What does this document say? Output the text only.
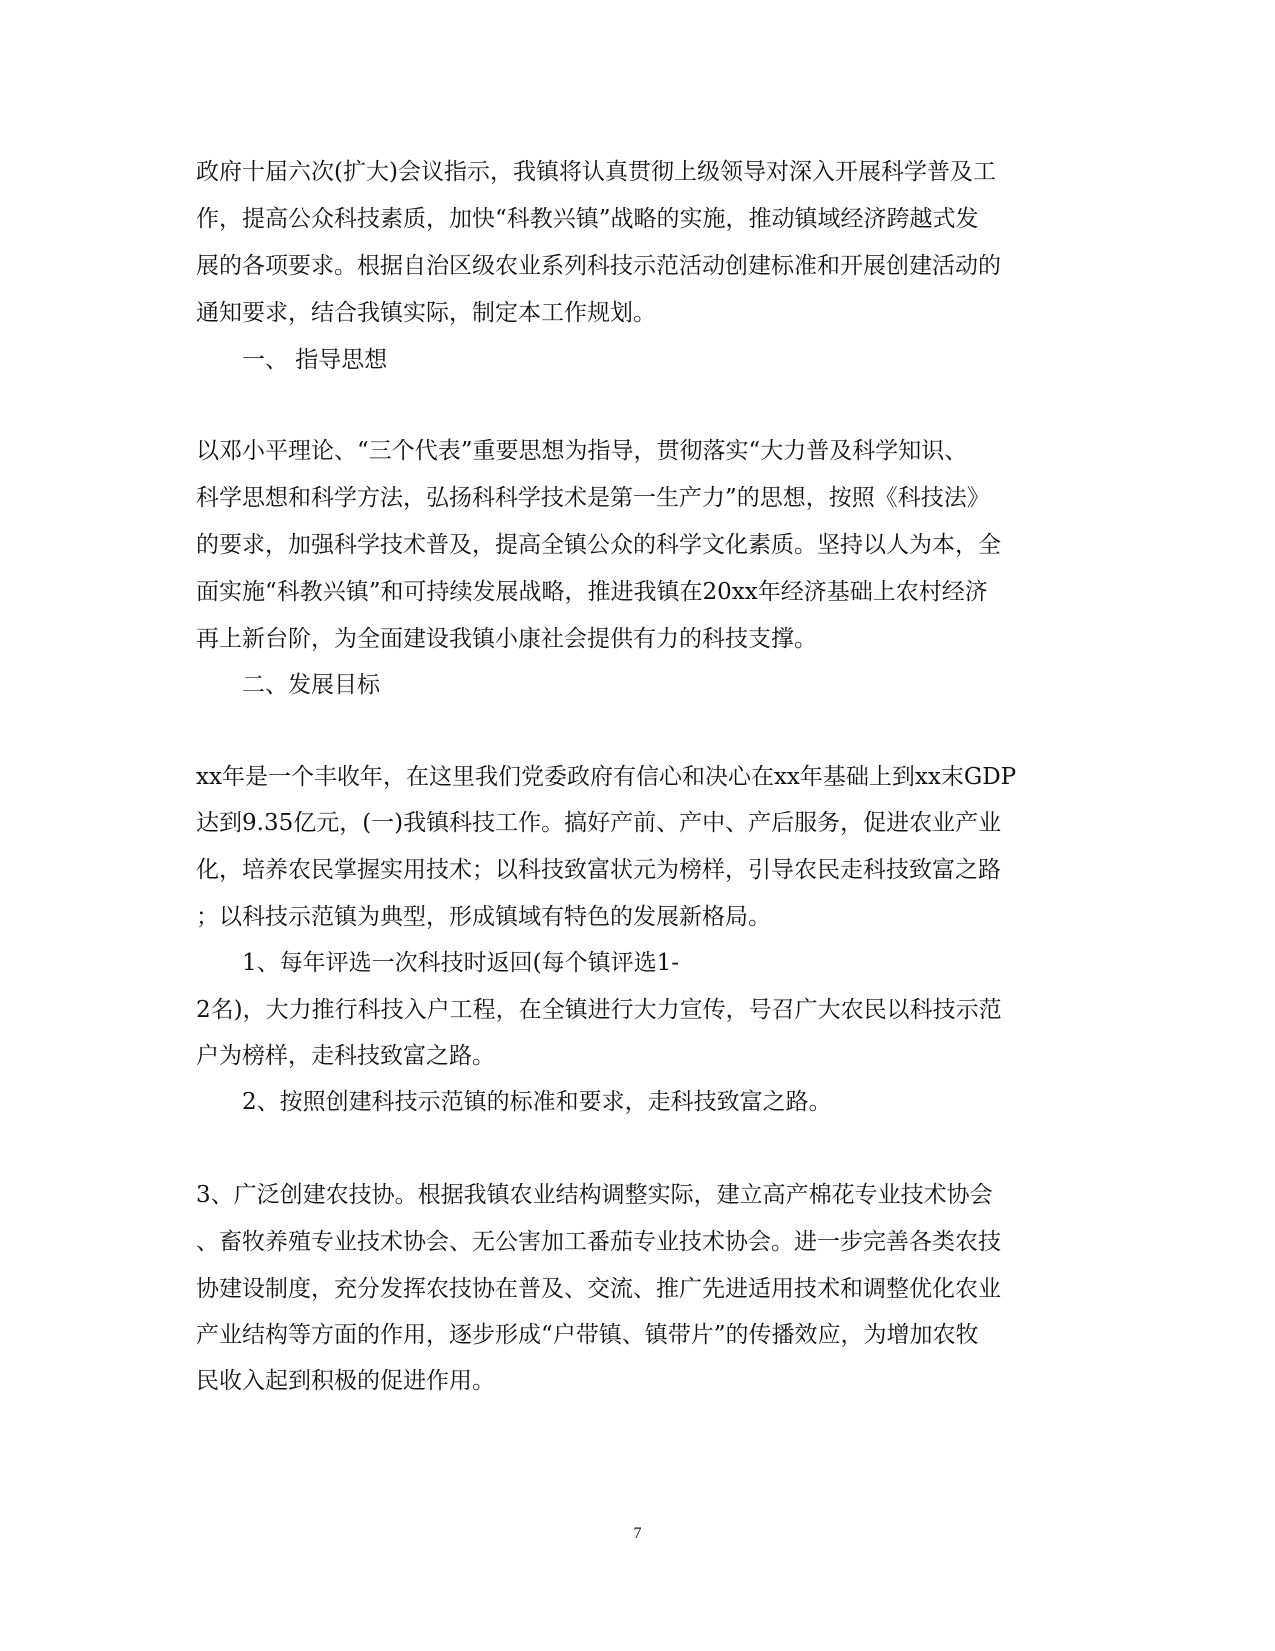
政府十届六次(扩大)会议指示，我镇将认真贯彻上级领导对深入开展科学普及工
作，提高公众科技素质，加快“科教兴镇”战略的实施，推动镇域经济跨越式发
展的各项要求。根据自治区级农业系列科技示范活动创建标准和开展创建活动的
通知要求，结合我镇实际，制定本工作规划。
一、 指导思想
以邓小平理论、“三个代表”重要思想为指导，贯彻落实“大力普及科学知识、
科学思想和科学方法，弘扬科科学技术是第一生产力”的思想，按照《科技法》
的要求，加强科学技术普及，提高全镇公众的科学文化素质。坚持以人为本，全
面实施“科教兴镇”和可持续发展战略，推进我镇在20xx年经济基础上农村经济
再上新台阶，为全面建设我镇小康社会提供有力的科技支撑。
二、发展目标
xx年是一个丰收年，在这里我们党委政府有信心和决心在xx年基础上到xx末GDP
达到9.35亿元，(一)我镇科技工作。搞好产前、产中、产后服务，促进农业产业
化，培养农民掌握实用技术；以科技致富状元为榜样，引导农民走科技致富之路
；以科技示范镇为典型，形成镇域有特色的发展新格局。
1、每年评选一次科技时返回(每个镇评选1-
2名)，大力推行科技入户工程，在全镇进行大力宣传，号召广大农民以科技示范
户为榜样，走科技致富之路。
2、按照创建科技示范镇的标准和要求，走科技致富之路。
3、广泛创建农技协。根据我镇农业结构调整实际，建立高产棉花专业技术协会
、畜牧养殖专业技术协会、无公害加工番茄专业技术协会。进一步完善各类农技
协建设制度，充分发挥农技协在普及、交流、推广先进适用技术和调整优化农业
产业结构等方面的作用，逐步形成“户带镇、镇带片”的传播效应，为增加农牧
民收入起到积极的促进作用。
7
